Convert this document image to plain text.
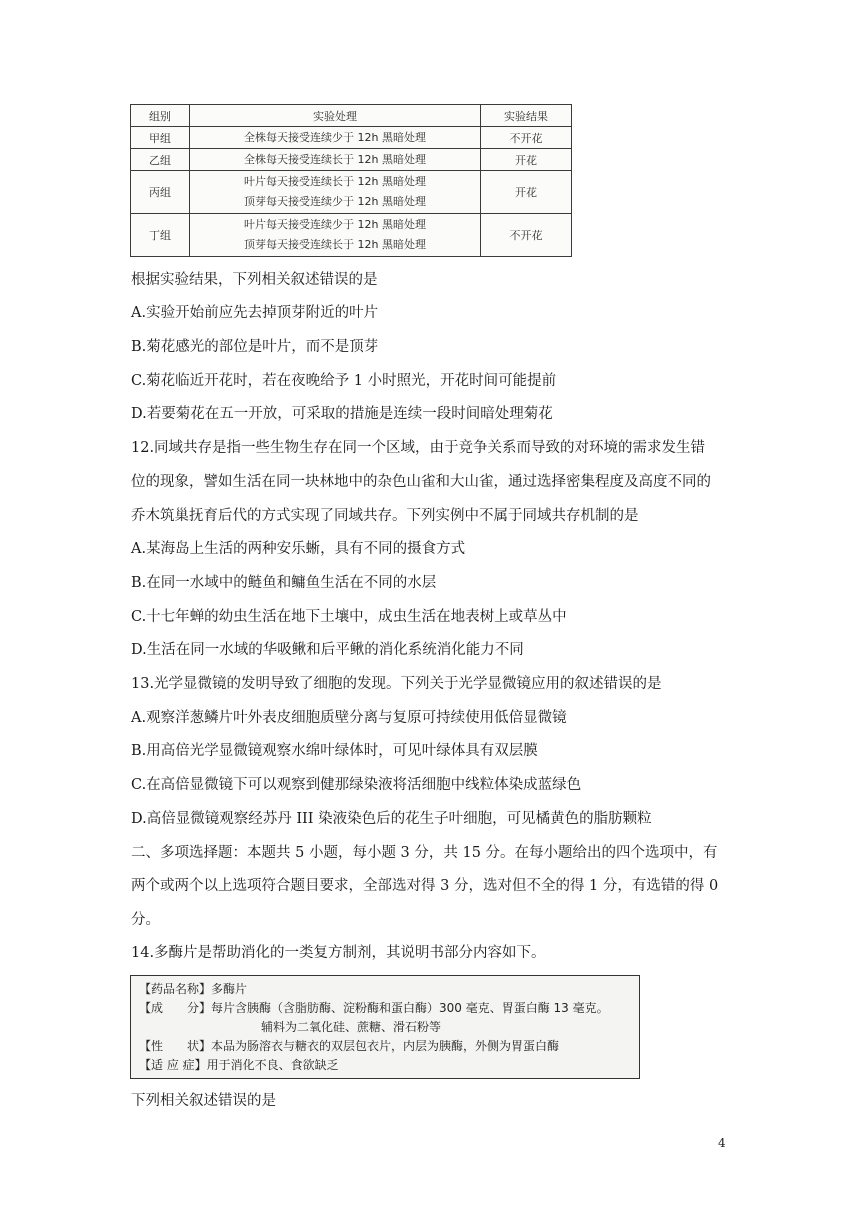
组别	实验处理	实验结果
甲组	全株每天接受连续少于 12h 黑暗处理	不开花
乙组	全株每天接受连续长于 12h 黑暗处理	开花
丙组	叶片每天接受连续长于 12h 黑暗处理
顶芽每天接受连续少于 12h 黑暗处理	开花
丁组	叶片每天接受连续少于 12h 黑暗处理
顶芽每天接受连续长于 12h 黑暗处理	不开花
根据实验结果，下列相关叙述错误的是
A.实验开始前应先去掉顶芽附近的叶片
B.菊花感光的部位是叶片，而不是顶芽
C.菊花临近开花时，若在夜晚给予 1 小时照光，开花时间可能提前
D.若要菊花在五一开放，可采取的措施是连续一段时间暗处理菊花
12.同域共存是指一些生物生存在同一个区域，由于竞争关系而导致的对环境的需求发生错
位的现象，譬如生活在同一块林地中的杂色山雀和大山雀，通过选择密集程度及高度不同的
乔木筑巢抚育后代的方式实现了同域共存。下列实例中不属于同域共存机制的是
A.某海岛上生活的两种安乐蜥，具有不同的摄食方式
B.在同一水域中的鲢鱼和鳙鱼生活在不同的水层
C.十七年蝉的幼虫生活在地下土壤中，成虫生活在地表树上或草丛中
D.生活在同一水域的华吸鳅和后平鳅的消化系统消化能力不同
13.光学显微镜的发明导致了细胞的发现。下列关于光学显微镜应用的叙述错误的是
A.观察洋葱鳞片叶外表皮细胞质壁分离与复原可持续使用低倍显微镜
B.用高倍光学显微镜观察水绵叶绿体时，可见叶绿体具有双层膜
C.在高倍显微镜下可以观察到健那绿染液将活细胞中线粒体染成蓝绿色
D.高倍显微镜观察经苏丹 III 染液染色后的花生子叶细胞，可见橘黄色的脂肪颗粒
二、多项选择题：本题共 5 小题，每小题 3 分，共 15 分。在每小题给出的四个选项中，有
两个或两个以上选项符合题目要求，全部选对得 3 分，选对但不全的得 1 分，有选错的得 0
分。
14.多酶片是帮助消化的一类复方制剂，其说明书部分内容如下。
【药品名称】多酶片
【成　　分】每片含胰酶（含脂肪酶、淀粉酶和蛋白酶）300 毫克、胃蛋白酶 13 毫克。
辅料为二氧化硅、蔗糖、滑石粉等
【性　　状】本品为肠溶衣与糖衣的双层包衣片，内层为胰酶，外侧为胃蛋白酶
【适 应 症】用于消化不良、食欲缺乏
下列相关叙述错误的是
4
